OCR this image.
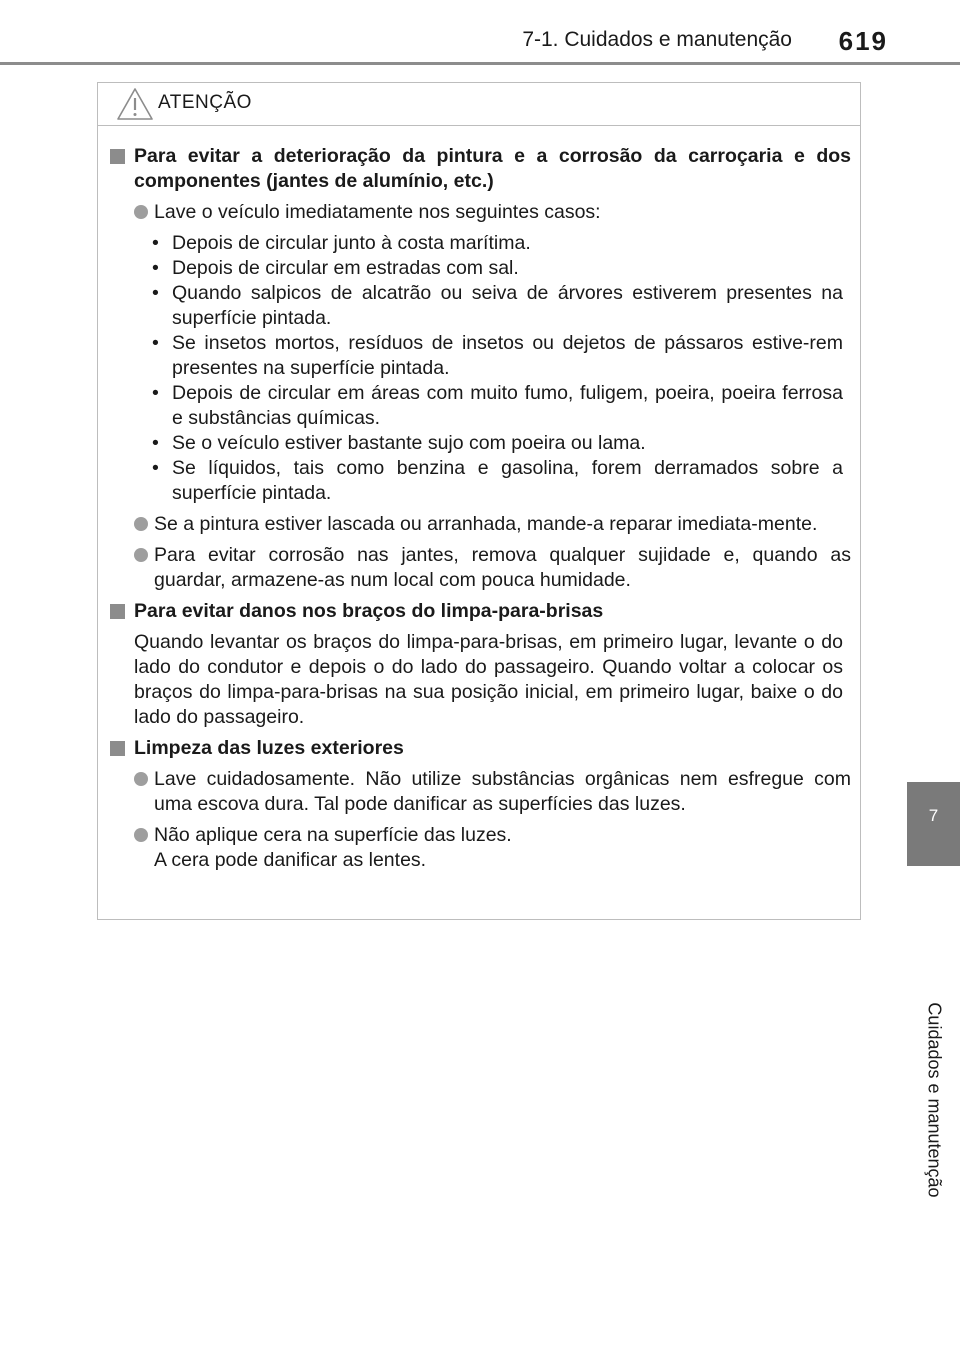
7-1. Cuidados e manutenção 619
7
Cuidados e manutenção
ATENÇÃO
Para evitar a deterioração da pintura e a corrosão da carroçaria e dos componentes (jantes de alumínio, etc.)
Lave o veículo imediatamente nos seguintes casos:
• Depois de circular junto à costa marítima.
• Depois de circular em estradas com sal.
• Quando salpicos de alcatrão ou seiva de árvores estiverem presentes na superfície pintada.
• Se insetos mortos, resíduos de insetos ou dejetos de pássaros estive-rem presentes na superfície pintada.
• Depois de circular em áreas com muito fumo, fuligem, poeira, poeira ferrosa e substâncias químicas.
• Se o veículo estiver bastante sujo com poeira ou lama.
• Se líquidos, tais como benzina e gasolina, forem derramados sobre a superfície pintada.
Se a pintura estiver lascada ou arranhada, mande-a reparar imediata-mente.
Para evitar corrosão nas jantes, remova qualquer sujidade e, quando as guardar, armazene-as num local com pouca humidade.
Para evitar danos nos braços do limpa-para-brisas
Quando levantar os braços do limpa-para-brisas, em primeiro lugar, levante o do lado do condutor e depois o do lado do passageiro. Quando voltar a colocar os braços do limpa-para-brisas na sua posição inicial, em primeiro lugar, baixe o do lado do passageiro.
Limpeza das luzes exteriores
Lave cuidadosamente. Não utilize substâncias orgânicas nem esfregue com uma escova dura. Tal pode danificar as superfícies das luzes.
Não aplique cera na superfície das luzes.
A cera pode danificar as lentes.
